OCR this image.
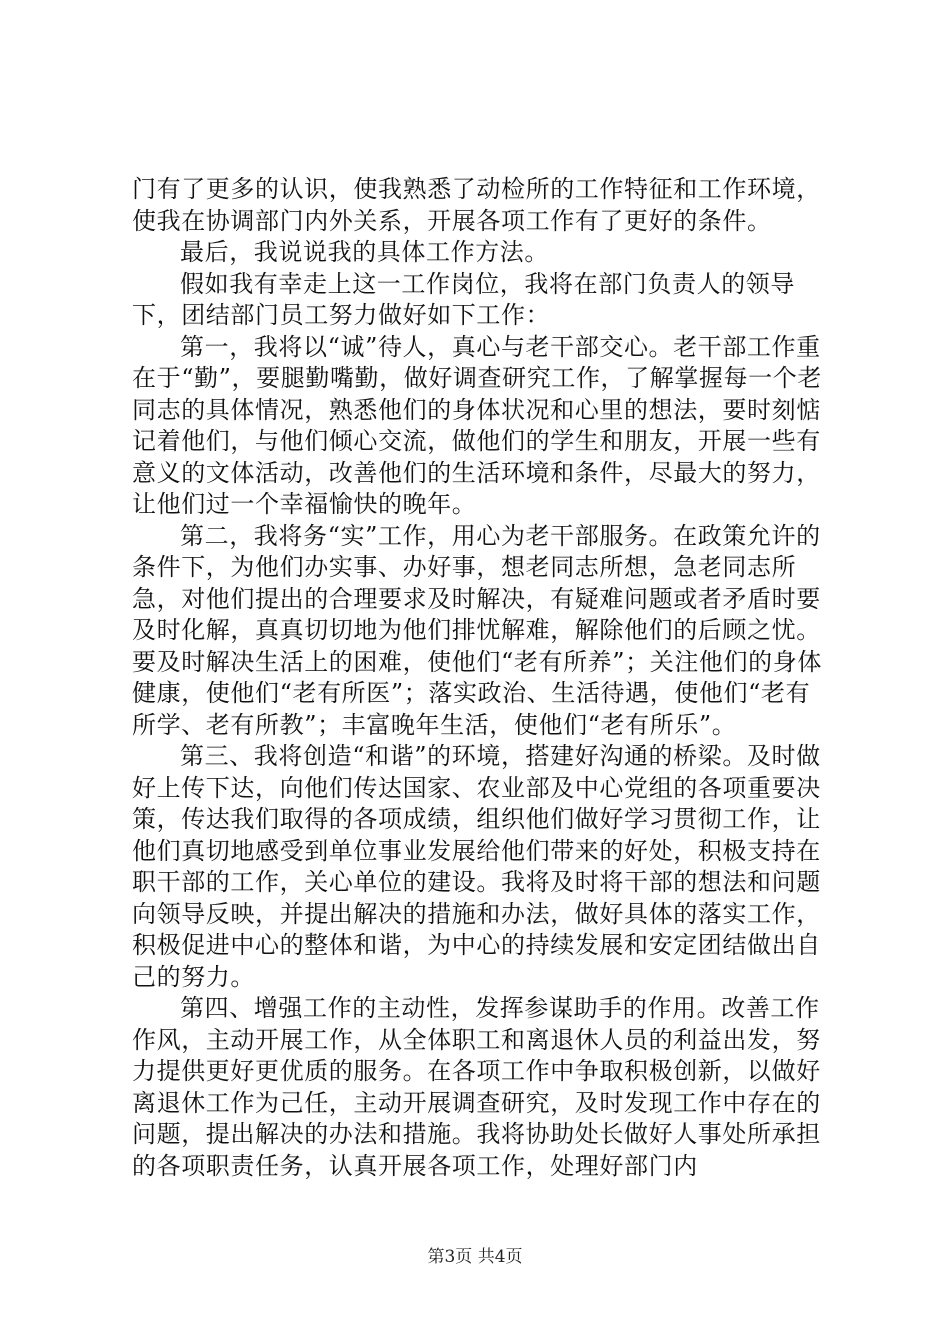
门有了更多的认识，使我熟悉了动检所的工作特征和工作环境，使我在协调部门内外关系，开展各项工作有了更好的条件。

最后，我说说我的具体工作方法。

假如我有幸走上这一工作岗位，我将在部门负责人的领导下，团结部门员工努力做好如下工作：

第一，我将以“诚”待人，真心与老干部交心。老干部工作重在于“勤”，要腿勤嘴勤，做好调查研究工作，了解掌握每一个老同志的具体情况，熟悉他们的身体状况和心里的想法，要时刻惦记着他们，与他们倾心交流，做他们的学生和朋友，开展一些有意义的文体活动，改善他们的生活环境和条件，尽最大的努力，让他们过一个幸福愉快的晚年。

第二，我将务“实”工作，用心为老干部服务。在政策允许的条件下，为他们办实事、办好事，想老同志所想，急老同志所急，对他们提出的合理要求及时解决，有疑难问题或者矛盾时要及时化解，真真切切地为他们排忧解难，解除他们的后顾之忧。要及时解决生活上的困难，使他们“老有所养”；关注他们的身体健康，使他们“老有所医”；落实政治、生活待遇，使他们“老有所学、老有所教”；丰富晚年生活，使他们“老有所乐”。

第三、我将创造“和谐”的环境，搭建好沟通的桥梁。及时做好上传下达，向他们传达国家、农业部及中心党组的各项重要决策，传达我们取得的各项成绩，组织他们做好学习贯彻工作，让他们真切地感受到单位事业发展给他们带来的好处，积极支持在职干部的工作，关心单位的建设。我将及时将干部的想法和问题向领导反映，并提出解决的措施和办法，做好具体的落实工作，积极促进中心的整体和谐，为中心的持续发展和安定团结做出自己的努力。

第四、增强工作的主动性，发挥参谋助手的作用。改善工作作风，主动开展工作，从全体职工和离退休人员的利益出发，努力提供更好更优质的服务。在各项工作中争取积极创新，以做好离退休工作为己任，主动开展调查研究，及时发现工作中存在的问题，提出解决的办法和措施。我将协助处长做好人事处所承担的各项职责任务，认真开展各项工作，处理好部门内

第3页 共4页
